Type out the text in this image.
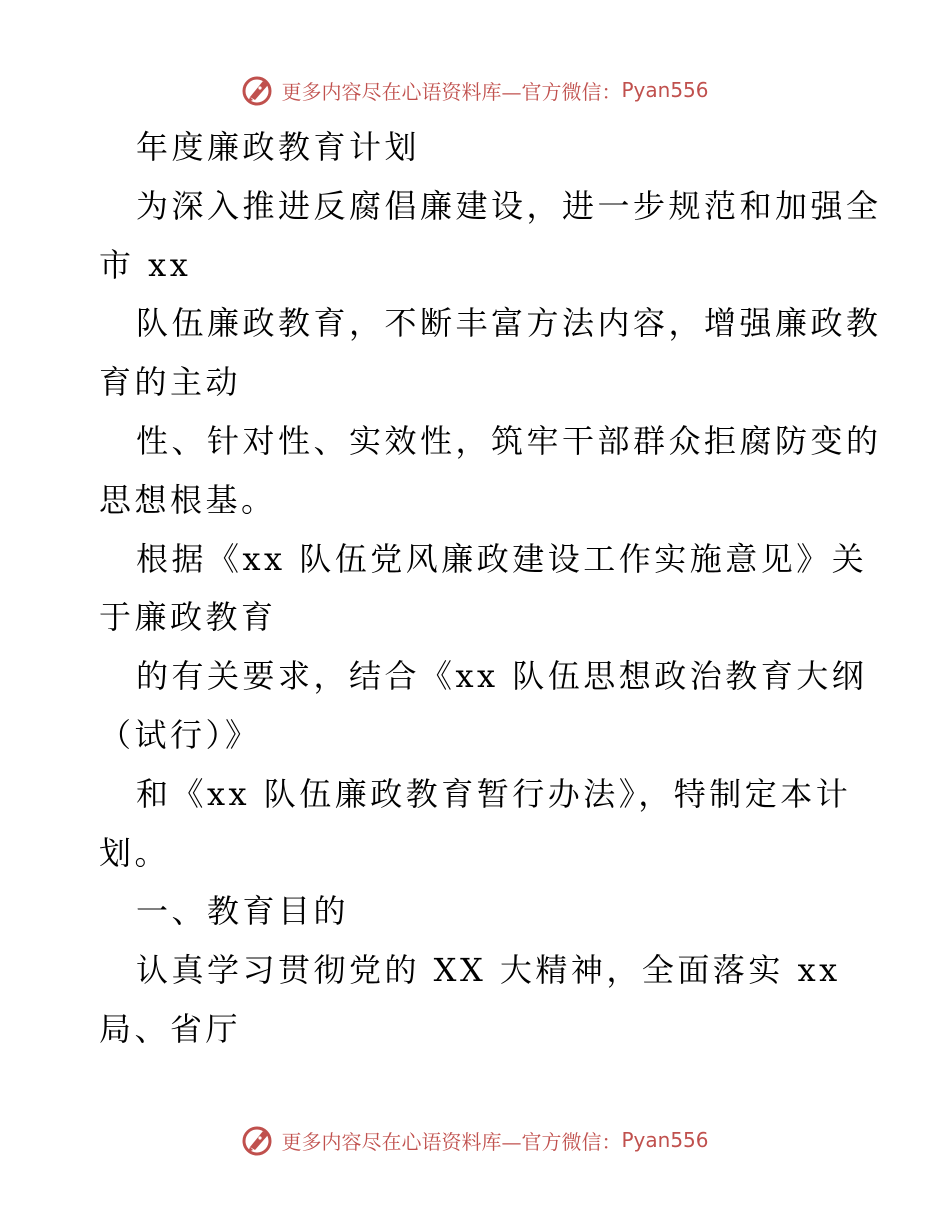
更多内容尽在心语资料库—官方微信： Pyan556
年度廉政教育计划
为深入推进反腐倡廉建设，进一步规范和加强全
市 xx
队伍廉政教育，不断丰富方法内容，增强廉政教
育的主动
性、针对性、实效性，筑牢干部群众拒腐防变的
思想根基。
根据《xx 队伍党风廉政建设工作实施意见》关
于廉政教育
的有关要求，结合《xx 队伍思想政治教育大纲
（试行）》
和《xx 队伍廉政教育暂行办法》，特制定本计
划。
一、教育目的
认真学习贯彻党的 XX 大精神，全面落实 xx
局、省厅
更多内容尽在心语资料库—官方微信： Pyan556
